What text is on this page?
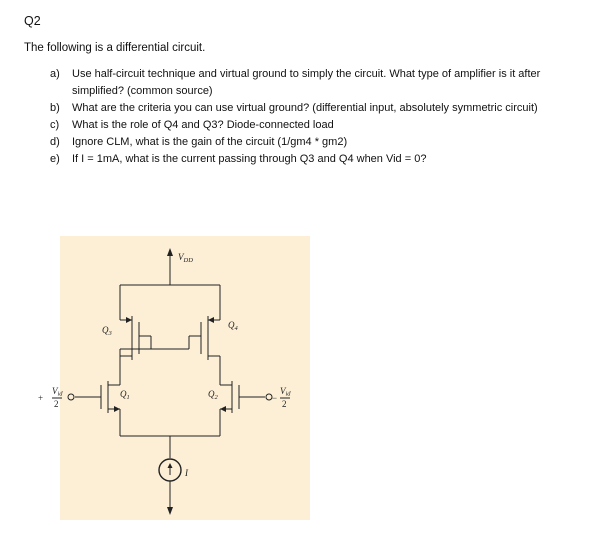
Q2
The following is a differential circuit.
a)	Use half-circuit technique and virtual ground to simply the circuit. What type of amplifier is it after simplified? (common source)
b)	What are the criteria you can use virtual ground? (differential input, absolutely symmetric circuit)
c)	What is the role of Q4 and Q3? Diode-connected load
d)	Ignore CLM, what is the gain of the circuit (1/gm4 * gm2)
e)	If I = 1mA, what is the current passing through Q3 and Q4 when Vid = 0?
$V_{DD}$
$Q_3$
$Q_4$
$Q_1$	$Q_2$
I
+
Vid
2
−
Vid
2
